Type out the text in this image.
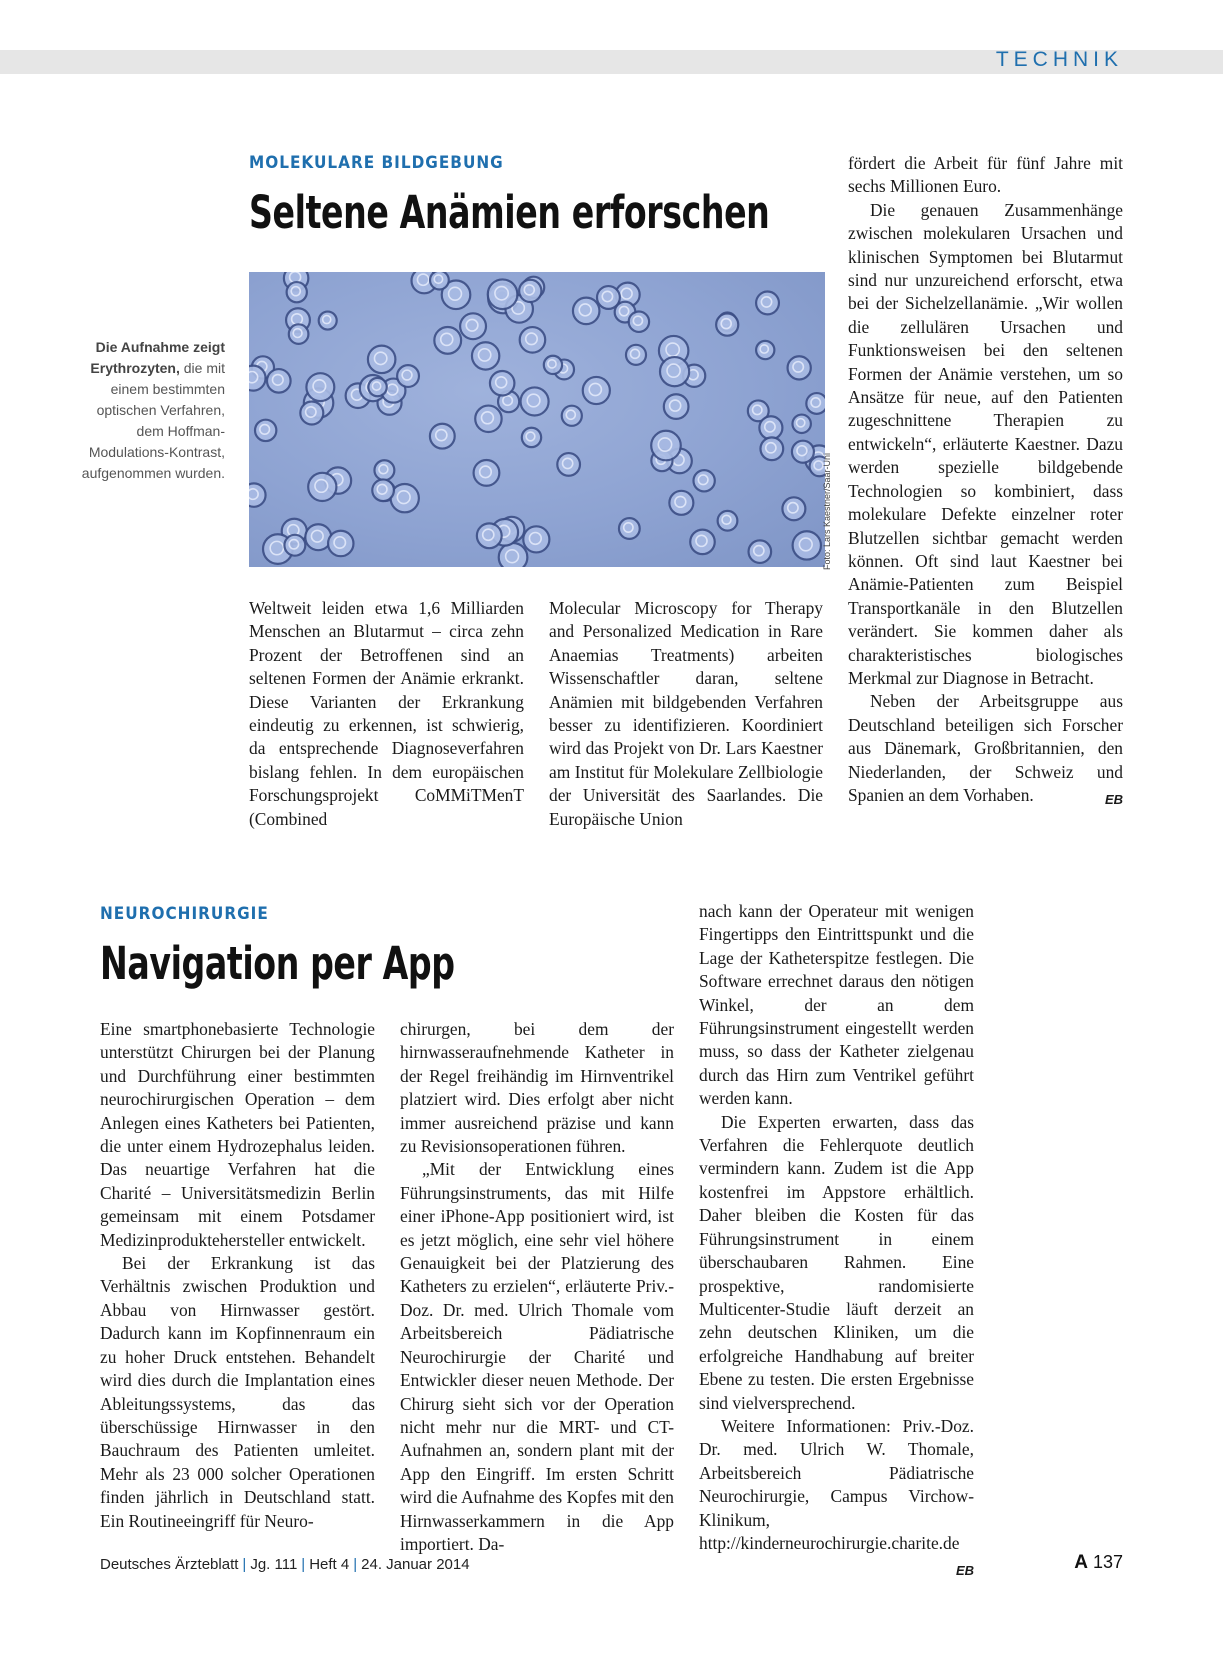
TECHNIK
MOLEKULARE BILDGEBUNG
Seltene Anämien erforschen
Die Aufnahme zeigt Erythrozyten, die mit einem bestimmten optischen Verfahren, dem Hoffman-Modulations-Kontrast, aufgenommen wurden.	Foto: Lars Kaestner/Saar-Uni

Weltweit leiden etwa 1,6 Milliarden Menschen an Blutarmut – circa zehn Prozent der Betroffenen sind an seltenen Formen der Anämie erkrankt. Diese Varianten der Erkrankung eindeutig zu erkennen, ist schwierig, da entsprechende Diagnoseverfahren bislang fehlen. In dem europäischen Forschungsprojekt CoMMiTMenT (Combined

Molecular Microscopy for Therapy and Personalized Medication in Rare Anaemias Treatments) arbeiten Wissenschaftler daran, seltene Anämien mit bildgebenden Verfahren besser zu identifizieren. Koordiniert wird das Projekt von Dr. Lars Kaestner am Institut für Molekulare Zellbiologie der Universität des Saarlandes. Die Europäische Union

fördert die Arbeit für fünf Jahre mit sechs Millionen Euro.

Die genauen Zusammenhänge zwischen molekularen Ursachen und klinischen Symptomen bei Blutarmut sind nur unzureichend erforscht, etwa bei der Sichelzellanämie. „Wir wollen die zellulären Ursachen und Funktionsweisen bei den seltenen Formen der Anämie verstehen, um so Ansätze für neue, auf den Patienten zugeschnittene Therapien zu entwickeln“, erläuterte Kaestner. Dazu werden spezielle bildgebende Technologien so kombiniert, dass molekulare Defekte einzelner roter Blutzellen sichtbar gemacht werden können. Oft sind laut Kaestner bei Anämie-Patienten zum Beispiel Transportkanäle in den Blutzellen verändert. Sie kommen daher als charakteristisches biologisches Merkmal zur Diagnose in Betracht.

Neben der Arbeitsgruppe aus Deutschland beteiligen sich Forscher aus Dänemark, Großbritannien, den Niederlanden, der Schweiz und Spanien an dem Vorhaben.	EB

NEUROCHIRURGIE
Navigation per App

Eine smartphonebasierte Technologie unterstützt Chirurgen bei der Planung und Durchführung einer bestimmten neurochirurgischen Operation – dem Anlegen eines Katheters bei Patienten, die unter einem Hydrozephalus leiden. Das neuartige Verfahren hat die Charité – Universitätsmedizin Berlin gemeinsam mit einem Potsdamer Medizinproduktehersteller entwickelt.

Bei der Erkrankung ist das Verhältnis zwischen Produktion und Abbau von Hirnwasser gestört. Dadurch kann im Kopfinnenraum ein zu hoher Druck entstehen. Behandelt wird dies durch die Implantation eines Ableitungssystems, das das überschüssige Hirnwasser in den Bauchraum des Patienten umleitet. Mehr als 23 000 solcher Operationen finden jährlich in Deutschland statt. Ein Routineeingriff für Neuro-

chirurgen, bei dem der hirnwasseraufnehmende Katheter in der Regel freihändig im Hirnventrikel platziert wird. Dies erfolgt aber nicht immer ausreichend präzise und kann zu Revisionsoperationen führen.

„Mit der Entwicklung eines Führungsinstruments, das mit Hilfe einer iPhone-App positioniert wird, ist es jetzt möglich, eine sehr viel höhere Genauigkeit bei der Platzierung des Katheters zu erzielen“, erläuterte Priv.-Doz. Dr. med. Ulrich Thomale vom Arbeitsbereich Pädiatrische Neurochirurgie der Charité und Entwickler dieser neuen Methode. Der Chirurg sieht sich vor der Operation nicht mehr nur die MRT- und CT-Aufnahmen an, sondern plant mit der App den Eingriff. Im ersten Schritt wird die Aufnahme des Kopfes mit den Hirnwasserkammern in die App importiert. Da-

nach kann der Operateur mit wenigen Fingertipps den Eintrittspunkt und die Lage der Katheterspitze festlegen. Die Software errechnet daraus den nötigen Winkel, der an dem Führungsinstrument eingestellt werden muss, so dass der Katheter zielgenau durch das Hirn zum Ventrikel geführt werden kann.

Die Experten erwarten, dass das Verfahren die Fehlerquote deutlich vermindern kann. Zudem ist die App kostenfrei im Appstore erhältlich. Daher bleiben die Kosten für das Führungsinstrument in einem überschaubaren Rahmen. Eine prospektive, randomisierte Multicenter-Studie läuft derzeit an zehn deutschen Kliniken, um die erfolgreiche Handhabung auf breiter Ebene zu testen. Die ersten Ergebnisse sind vielversprechend.

Weitere Informationen: Priv.-Doz. Dr. med. Ulrich W. Thomale, Arbeitsbereich Pädiatrische Neurochirurgie, Campus Virchow-Klinikum, http://kinderneurochirurgie.charite.de
EB

Deutsches Ärzteblatt | Jg. 111 | Heft 4 | 24. Januar 2014	A 137
